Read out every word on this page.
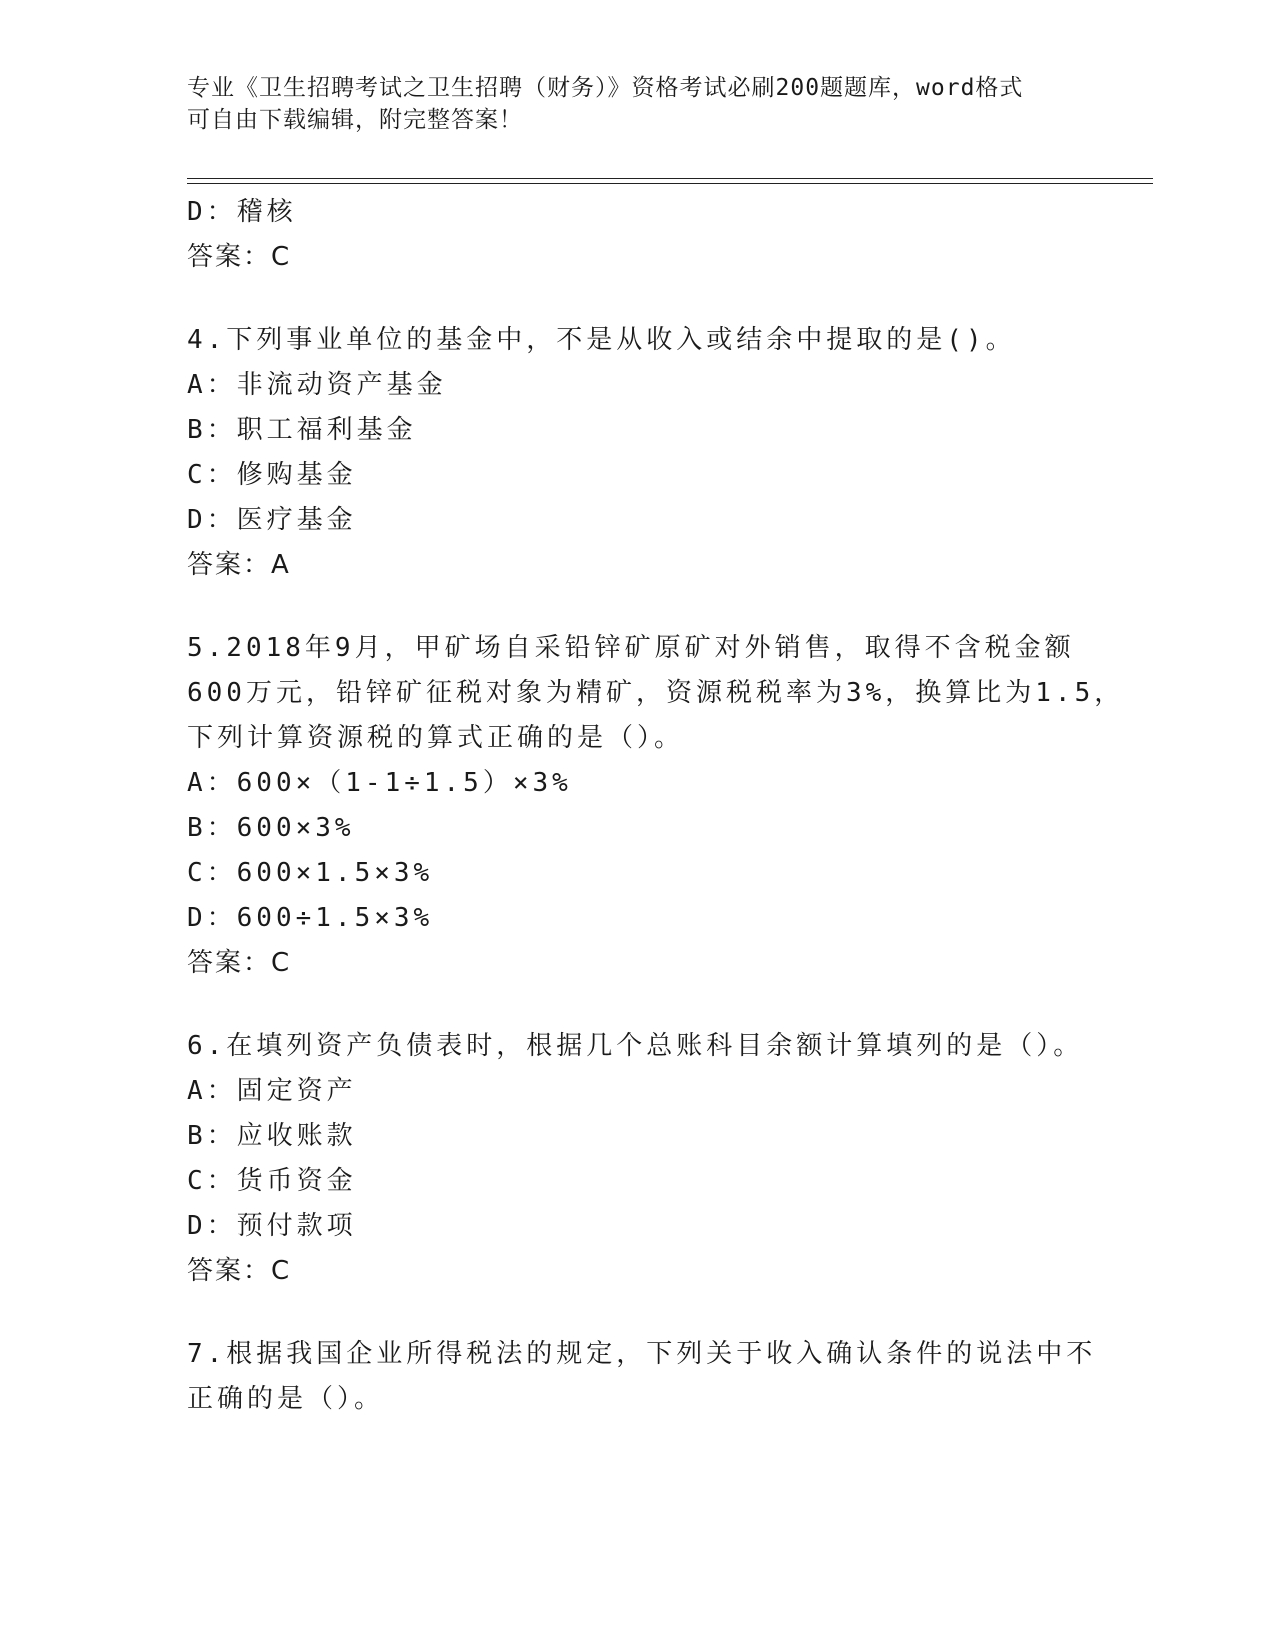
专业《卫生招聘考试之卫生招聘（财务）》资格考试必刷200题题库，word格式
可自由下载编辑，附完整答案！
D：稽核
答案：C
4.下列事业单位的基金中，不是从收入或结余中提取的是()。
A：非流动资产基金
B：职工福利基金
C：修购基金
D：医疗基金
答案：A
5.2018年9月，甲矿场自采铅锌矿原矿对外销售，取得不含税金额
600万元，铅锌矿征税对象为精矿，资源税税率为3%，换算比为1.5，
下列计算资源税的算式正确的是（）。
A：600×（1-1÷1.5）×3%
B：600×3%
C：600×1.5×3%
D：600÷1.5×3%
答案：C
6.在填列资产负债表时，根据几个总账科目余额计算填列的是（）。
A：固定资产
B：应收账款
C：货币资金
D：预付款项
答案：C
7.根据我国企业所得税法的规定，下列关于收入确认条件的说法中不
正确的是（）。
